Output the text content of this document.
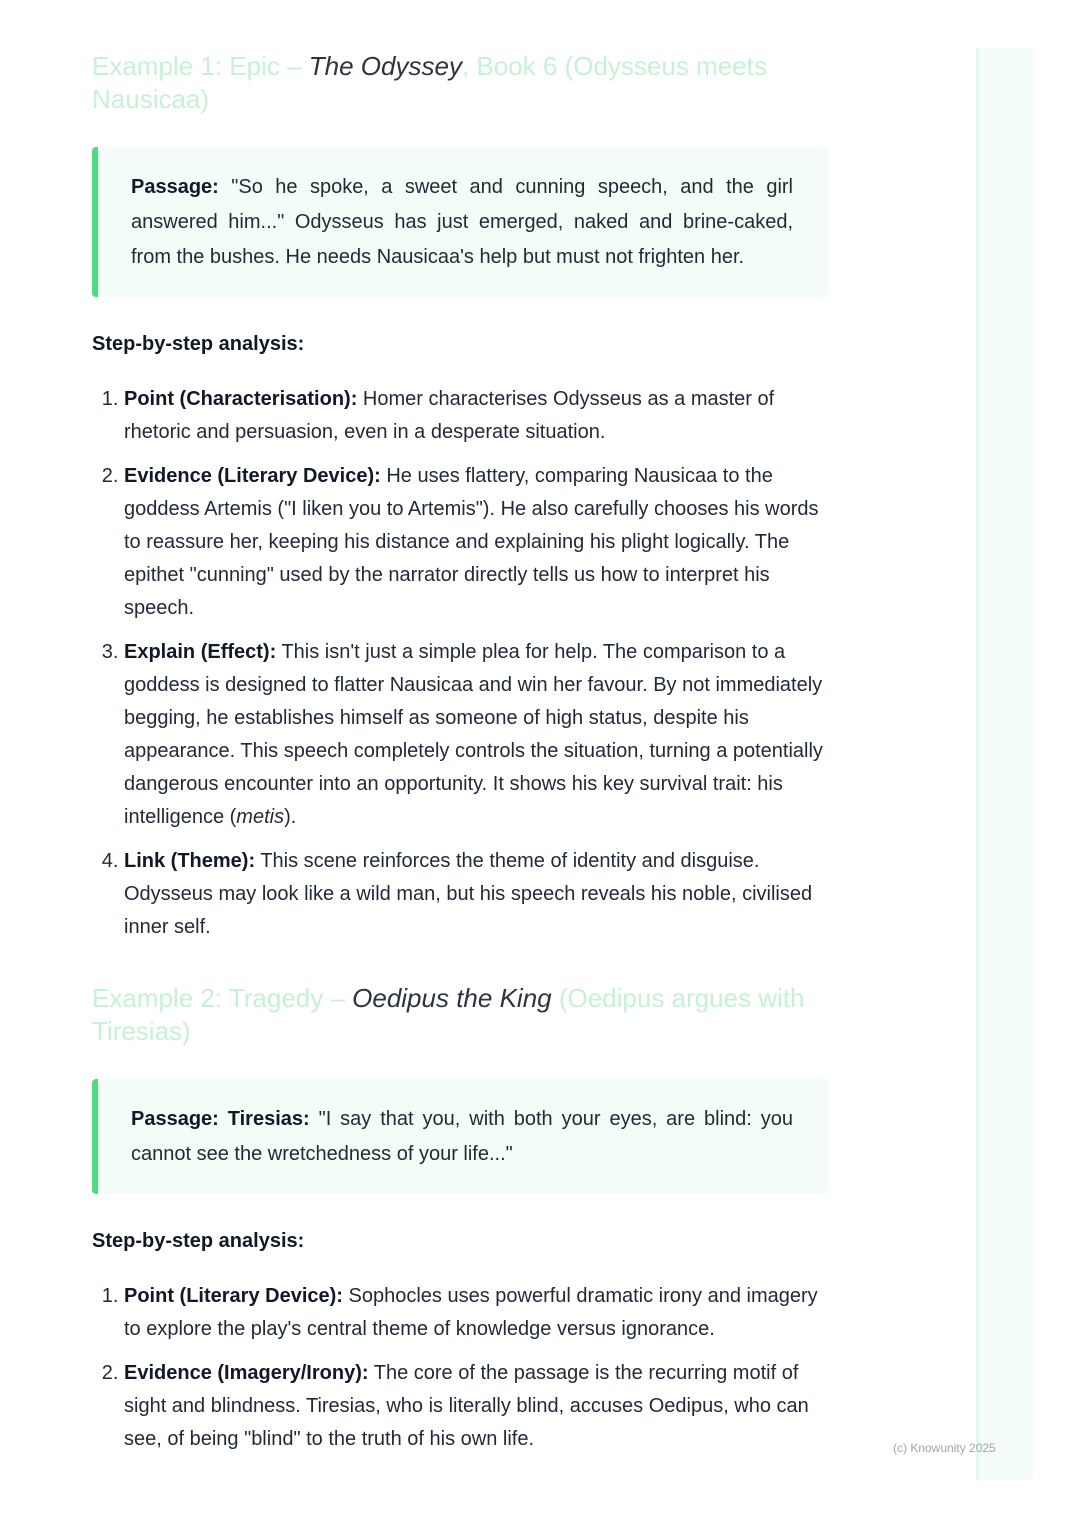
Example 1: Epic – The Odyssey, Book 6 (Odysseus meets Nausicaa)
Passage: "So he spoke, a sweet and cunning speech, and the girl answered him..." Odysseus has just emerged, naked and brine-caked, from the bushes. He needs Nausicaa's help but must not frighten her.
Step-by-step analysis:
1. Point (Characterisation): Homer characterises Odysseus as a master of rhetoric and persuasion, even in a desperate situation.
2. Evidence (Literary Device): He uses flattery, comparing Nausicaa to the goddess Artemis ("I liken you to Artemis"). He also carefully chooses his words to reassure her, keeping his distance and explaining his plight logically. The epithet "cunning" used by the narrator directly tells us how to interpret his speech.
3. Explain (Effect): This isn't just a simple plea for help. The comparison to a goddess is designed to flatter Nausicaa and win her favour. By not immediately begging, he establishes himself as someone of high status, despite his appearance. This speech completely controls the situation, turning a potentially dangerous encounter into an opportunity. It shows his key survival trait: his intelligence (metis).
4. Link (Theme): This scene reinforces the theme of identity and disguise. Odysseus may look like a wild man, but his speech reveals his noble, civilised inner self.
Example 2: Tragedy – Oedipus the King (Oedipus argues with Tiresias)
Passage: Tiresias: "I say that you, with both your eyes, are blind: you cannot see the wretchedness of your life..."
Step-by-step analysis:
1. Point (Literary Device): Sophocles uses powerful dramatic irony and imagery to explore the play's central theme of knowledge versus ignorance.
2. Evidence (Imagery/Irony): The core of the passage is the recurring motif of sight and blindness. Tiresias, who is literally blind, accuses Oedipus, who can see, of being "blind" to the truth of his own life.	(c) Knowunity 2025
